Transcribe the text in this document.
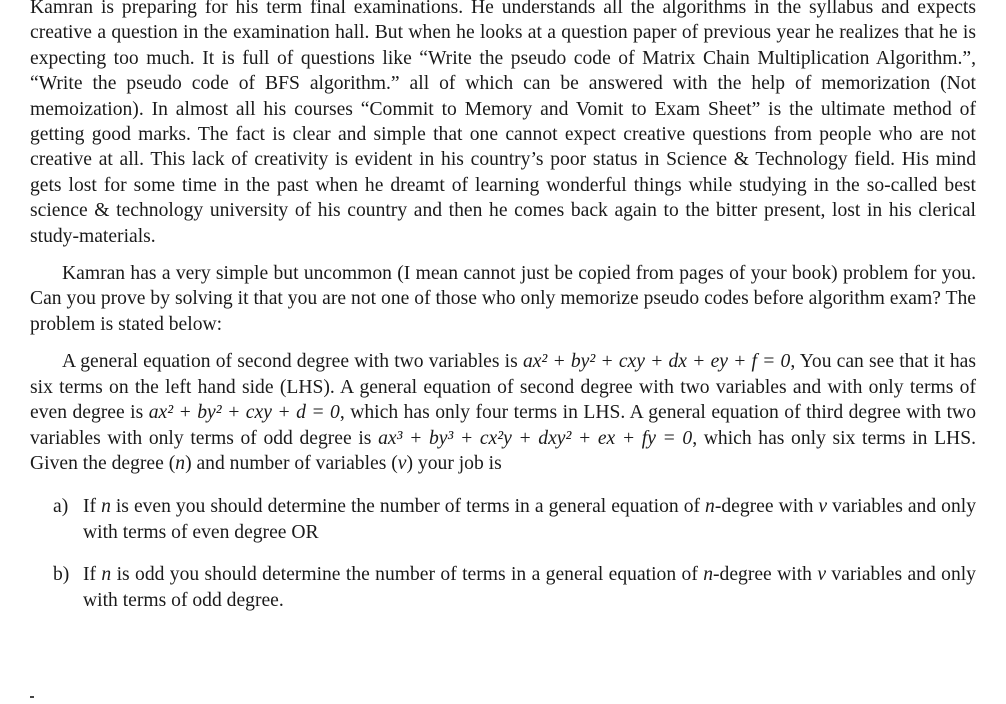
Kamran is preparing for his term final examinations. He understands all the algorithms in the syllabus and expects creative a question in the examination hall. But when he looks at a question paper of previous year he realizes that he is expecting too much. It is full of questions like “Write the pseudo code of Matrix Chain Multiplication Algorithm.”, “Write the pseudo code of BFS algorithm.” all of which can be answered with the help of memorization (Not memoization). In almost all his courses “Commit to Memory and Vomit to Exam Sheet” is the ultimate method of getting good marks. The fact is clear and simple that one cannot expect creative questions from people who are not creative at all. This lack of creativity is evident in his country’s poor status in Science & Technology field. His mind gets lost for some time in the past when he dreamt of learning wonderful things while studying in the so-called best science & technology university of his country and then he comes back again to the bitter present, lost in his clerical study-materials.

Kamran has a very simple but uncommon (I mean cannot just be copied from pages of your book) problem for you. Can you prove by solving it that you are not one of those who only memorize pseudo codes before algorithm exam? The problem is stated below:

A general equation of second degree with two variables is ax² + by² + cxy + dx + ey + f = 0, You can see that it has six terms on the left hand side (LHS). A general equation of second degree with two variables and with only terms of even degree is ax² + by² + cxy + d = 0, which has only four terms in LHS. A general equation of third degree with two variables with only terms of odd degree is ax³ + by³ + cx²y + dxy² + ex + fy = 0, which has only six terms in LHS. Given the degree (n) and number of variables (v) your job is

a) If n is even you should determine the number of terms in a general equation of n-degree with v variables and only with terms of even degree OR
b) If n is odd you should determine the number of terms in a general equation of n-degree with v variables and only with terms of odd degree.
